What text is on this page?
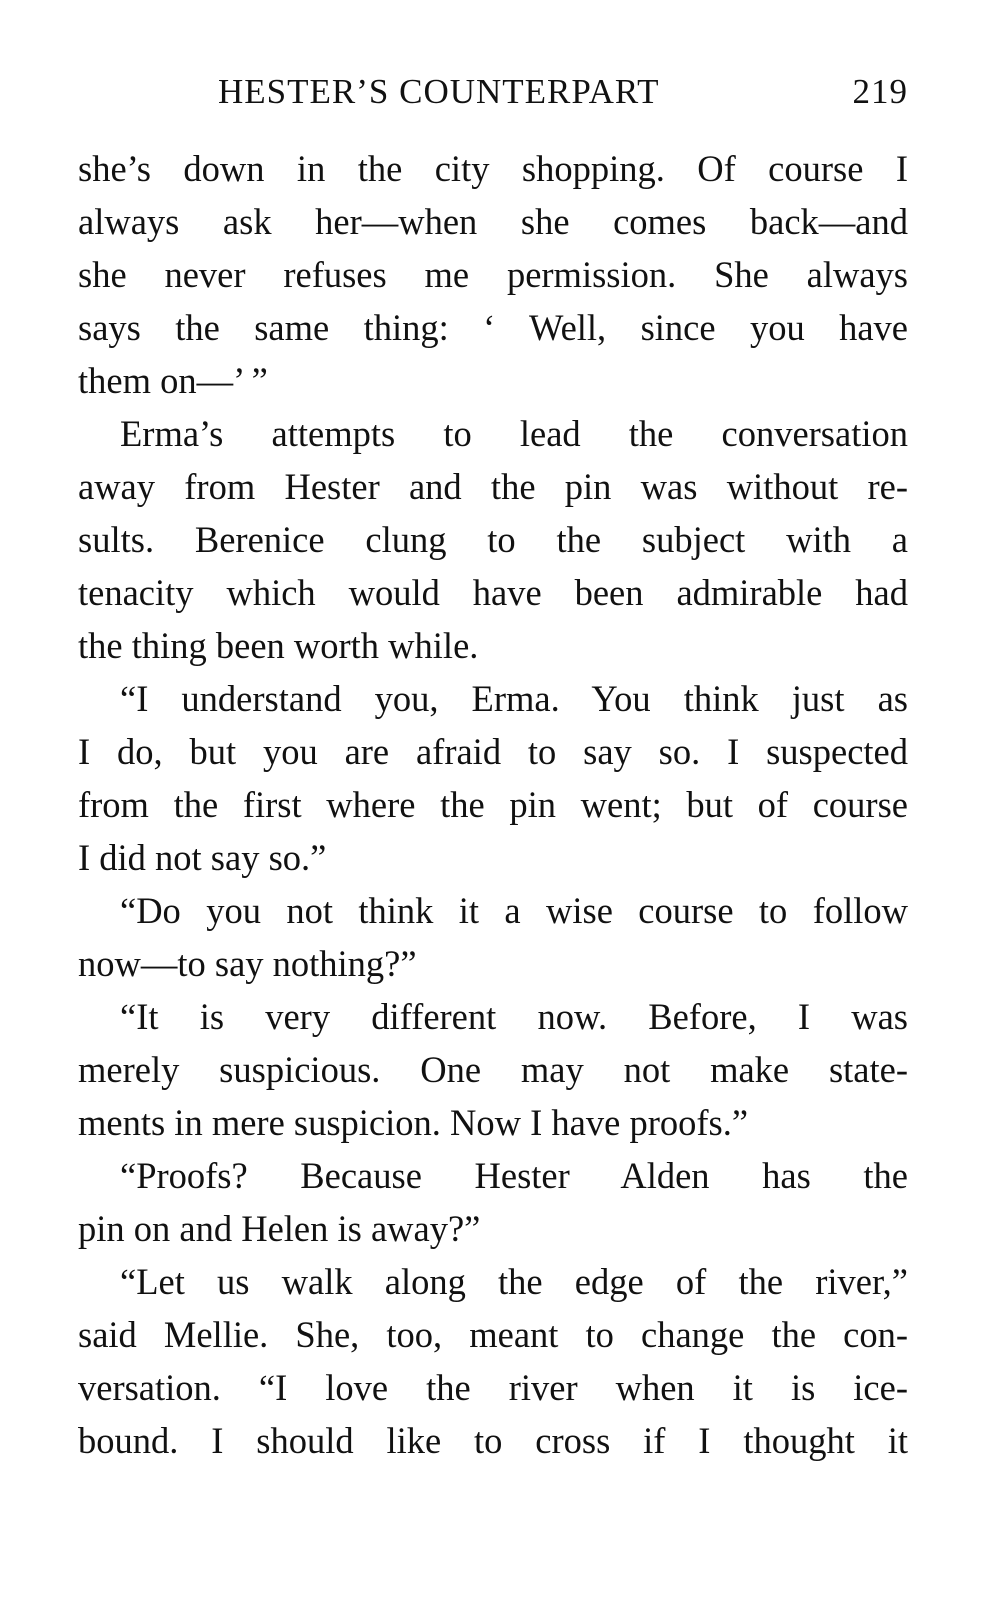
HESTER’S COUNTERPART	219
she’s down in the city shopping. Of course I
always ask her—when she comes back—and
she never refuses me permission. She always
says the same thing: ‘ Well, since you have
them on—’ ”
Erma’s attempts to lead the conversation
away from Hester and the pin was without re-
sults. Berenice clung to the subject with a
tenacity which would have been admirable had
the thing been worth while.
“I understand you, Erma. You think just as
I do, but you are afraid to say so. I suspected
from the first where the pin went; but of course
I did not say so.”
“Do you not think it a wise course to follow
now—to say nothing?”
“It is very different now. Before, I was
merely suspicious. One may not make state-
ments in mere suspicion. Now I have proofs.”
“Proofs? Because Hester Alden has the
pin on and Helen is away?”
“Let us walk along the edge of the river,”
said Mellie. She, too, meant to change the con-
versation. “I love the river when it is ice-
bound. I should like to cross if I thought it
